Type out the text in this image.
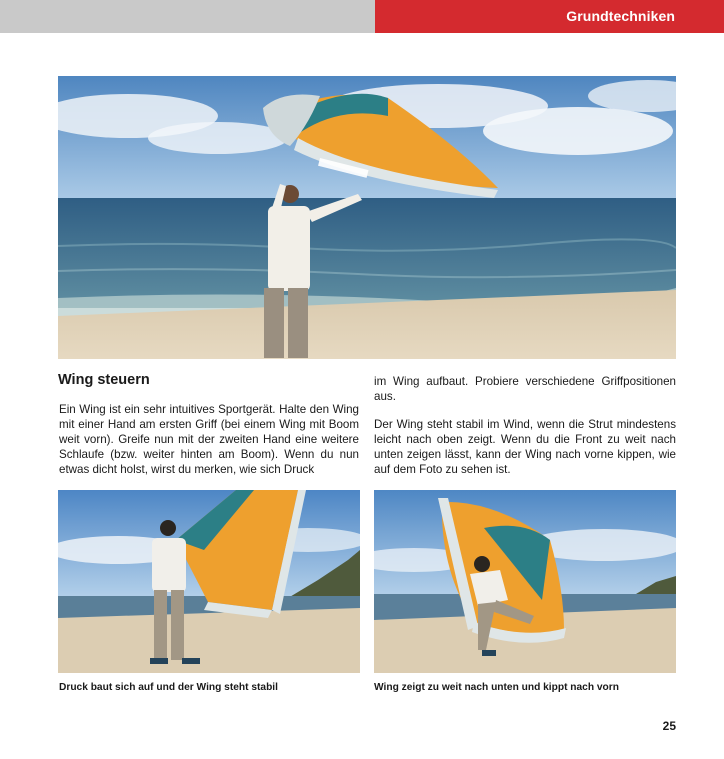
Grundtechniken
Wing steuern

Ein Wing ist ein sehr intuitives Sportgerät. Halte den Wing mit einer Hand am ersten Griff (bei einem Wing mit Boom weit vorn). Greife nun mit der zweiten Hand eine weitere Schlaufe (bzw. weiter hinten am Boom). Wenn du nun etwas dicht holst, wirst du merken, wie sich Druck

im Wing aufbaut. Probiere verschiedene Griffpositionen aus.

Der Wing steht stabil im Wind, wenn die Strut mindestens leicht nach oben zeigt. Wenn du die Front zu weit nach unten zeigen lässt, kann der Wing nach vorne kippen, wie auf dem Foto zu sehen ist.

Druck baut sich auf und der Wing steht stabil	Wing zeigt zu weit nach unten und kippt nach vorn
25
